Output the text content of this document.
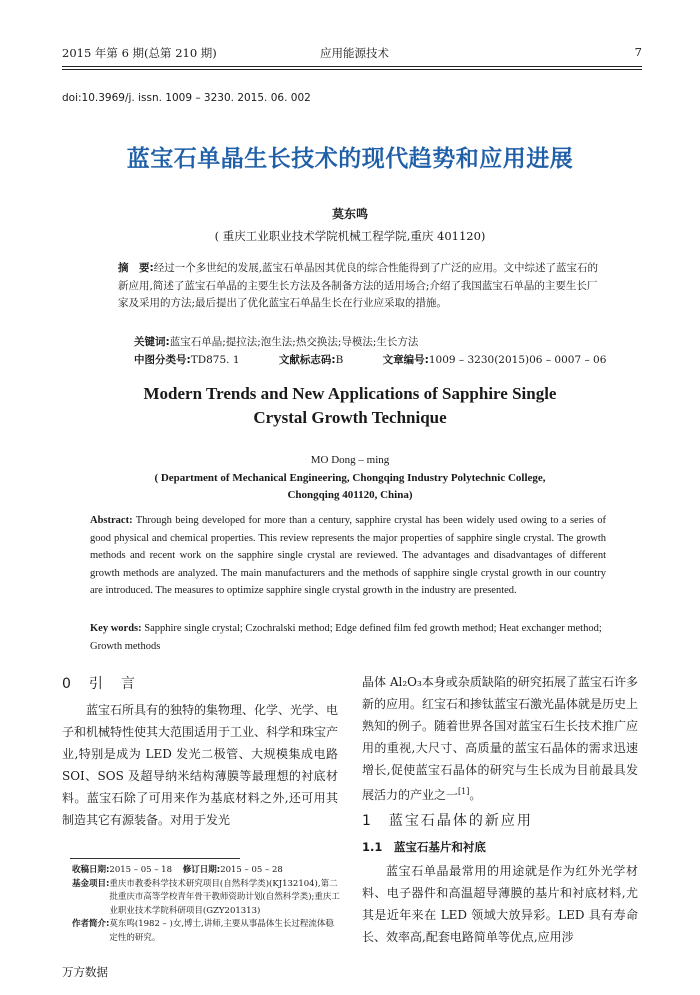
2015 年第 6 期(总第 210 期)	应用能源技术	7
doi:10.3969/j. issn. 1009 – 3230. 2015. 06. 002
蓝宝石单晶生长技术的现代趋势和应用进展
莫东鸣
( 重庆工业职业技术学院机械工程学院,重庆 401120)
摘　要:经过一个多世纪的发展,蓝宝石单晶因其优良的综合性能得到了广泛的应用。文中综述了蓝宝石的新应用,简述了蓝宝石单晶的主要生长方法及各制备方法的适用场合;介绍了我国蓝宝石单晶的主要生长厂家及采用的方法;最后提出了优化蓝宝石单晶生长在行业应采取的措施。
关键词:蓝宝石单晶;提拉法;泡生法;热交换法;导模法;生长方法
中图分类号:TD875. 1	文献标志码:B	文章编号:1009 – 3230(2015)06 – 0007 – 06
Modern Trends and New Applications of Sapphire Single
Crystal Growth Technique
MO Dong – ming
( Department of Mechanical Engineering, Chongqing Industry Polytechnic College,
Chongqing 401120, China)
Abstract: Through being developed for more than a century, sapphire crystal has been widely used owing to a series of good physical and chemical properties. This review represents the major properties of sapphire single crystal. The growth methods and recent work on the sapphire single crystal are reviewed. The advantages and disadvantages of different growth methods are analyzed. The main manufacturers and the methods of sapphire single crystal growth in our country are introduced. The measures to optimize sapphire single crystal growth in the industry are presented.
Key words: Sapphire single crystal; Czochralski method; Edge defined film fed growth method; Heat exchanger method; Growth methods
0　引　言

蓝宝石所具有的独特的集物理、化学、光学、电子和机械特性使其大范围适用于工业、科学和珠宝产业,特别是成为 LED 发光二极管、大规模集成电路 SOI、SOS 及超导纳米结构薄膜等最理想的衬底材料。蓝宝石除了可用来作为基底材料之外,还可用其制造其它有源装备。对用于发光

晶体 Al₂O₃本身或杂质缺陷的研究拓展了蓝宝石许多新的应用。红宝石和掺钛蓝宝石激光晶体就是历史上熟知的例子。随着世界各国对蓝宝石生长技术推广应用的重视,大尺寸、高质量的蓝宝石晶体的需求迅速增长,促使蓝宝石晶体的研究与生长成为目前最具发展活力的产业之一[1]。

1　蓝宝石晶体的新应用
1.1　蓝宝石基片和衬底

蓝宝石单晶最常用的用途就是作为红外光学材料、电子器件和高温超导薄膜的基片和衬底材料,尤其是近年来在 LED 领域大放异彩。LED 具有寿命长、效率高,配套电路简单等优点,应用涉

收稿日期:2015 – 05 – 18 修订日期:2015 – 05 – 28
基金项目: 重庆市教委科学技术研究项目(自然科学类)(KJ132104),第二批重庆市高等学校青年骨干教师资助计划(自然科学类);重庆工业职业技术学院科研项目(GZY201313)
作者简介: 莫东鸣(1982 – )女,博士,讲师,主要从事晶体生长过程流体稳定性的研究。
万方数据
